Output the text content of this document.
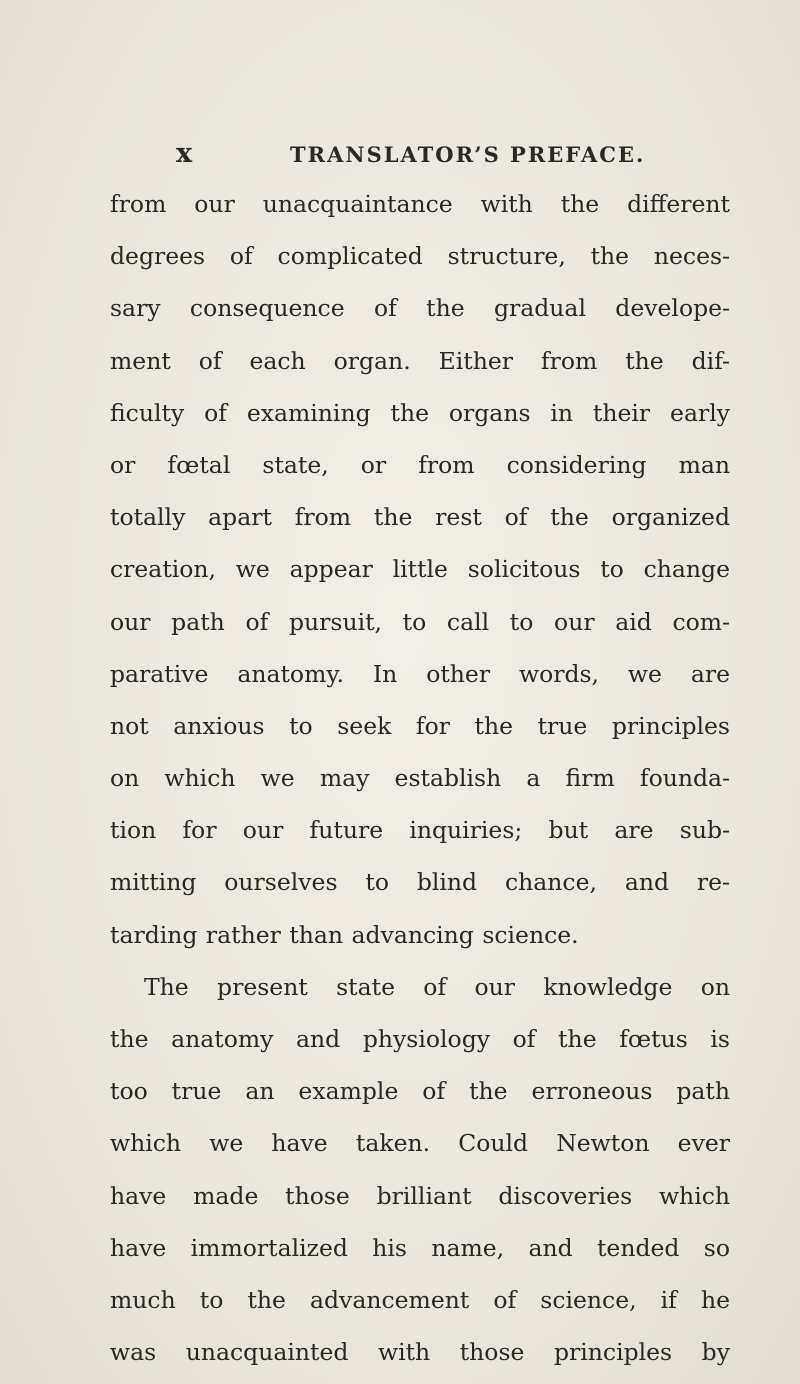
x	TRANSLATOR’S PREFACE.
from our unacquaintance with the different
degrees of complicated structure, the neces-
sary consequence of the gradual develope-
ment of each organ. Either from the dif-
ficulty of examining the organs in their early
or fœtal state, or from considering man
totally apart from the rest of the organized
creation, we appear little solicitous to change
our path of pursuit, to call to our aid com-
parative anatomy. In other words, we are
not anxious to seek for the true principles
on which we may establish a firm founda-
tion for our future inquiries; but are sub-
mitting ourselves to blind chance, and re-
tarding rather than advancing science.
The present state of our knowledge on
the anatomy and physiology of the fœtus is
too true an example of the erroneous path
which we have taken. Could Newton ever
have made those brilliant discoveries which
have immortalized his name, and tended so
much to the advancement of science, if he
was unacquainted with those principles by
